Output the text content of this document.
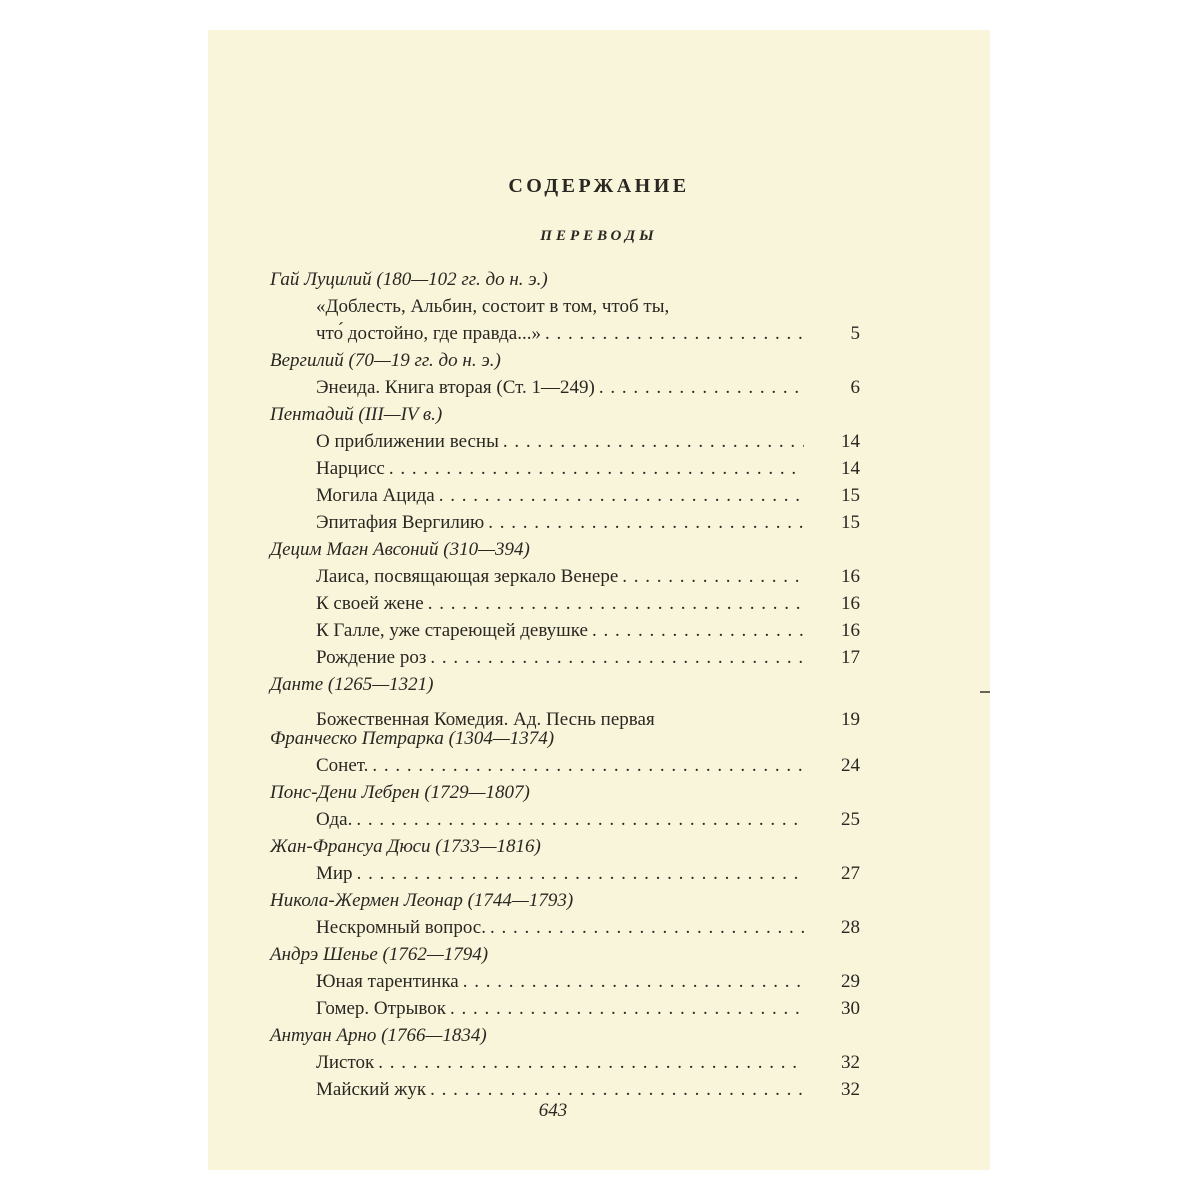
СОДЕРЖАНИЕ
ПЕРЕВОДЫ
Гай Луцилий (180—102 гг. до н. э.)
«Доблесть, Альбин, состоит в том, чтоб ты,
что́ достойно, где правда...» . . .	5
Вергилий (70—19 гг. до н. э.)
Энеида. Книга вторая (Ст. 1—249) . . .	6
Пентадий (III—IV в.)
О приближении весны . . .	14
Нарцисс . . .	14
Могила Ацида . . .	15
Эпитафия Вергилию . . .	15
Децим Магн Авсоний (310—394)
Лаиса, посвящающая зеркало Венере . . .	16
К своей жене . . .	16
К Галле, уже стареющей девушке . . .	16
Рождение роз . . .	17
Данте (1265—1321)
Божественная Комедия. Ад. Песнь первая	19
Франческо Петрарка (1304—1374)
Сонет. . . .	24
Понс-Дени Лебрен (1729—1807)
Ода. . . .	25
Жан-Франсуа Дюси (1733—1816)
Мир . . .	27
Никола-Жермен Леонар (1744—1793)
Нескромный вопрос. . . .	28
Андрэ Шенье (1762—1794)
Юная тарентинка . . .	29
Гомер. Отрывок . . .	30
Антуан Арно (1766—1834)
Листок . . .	32
Майский жук . . .	32
643
